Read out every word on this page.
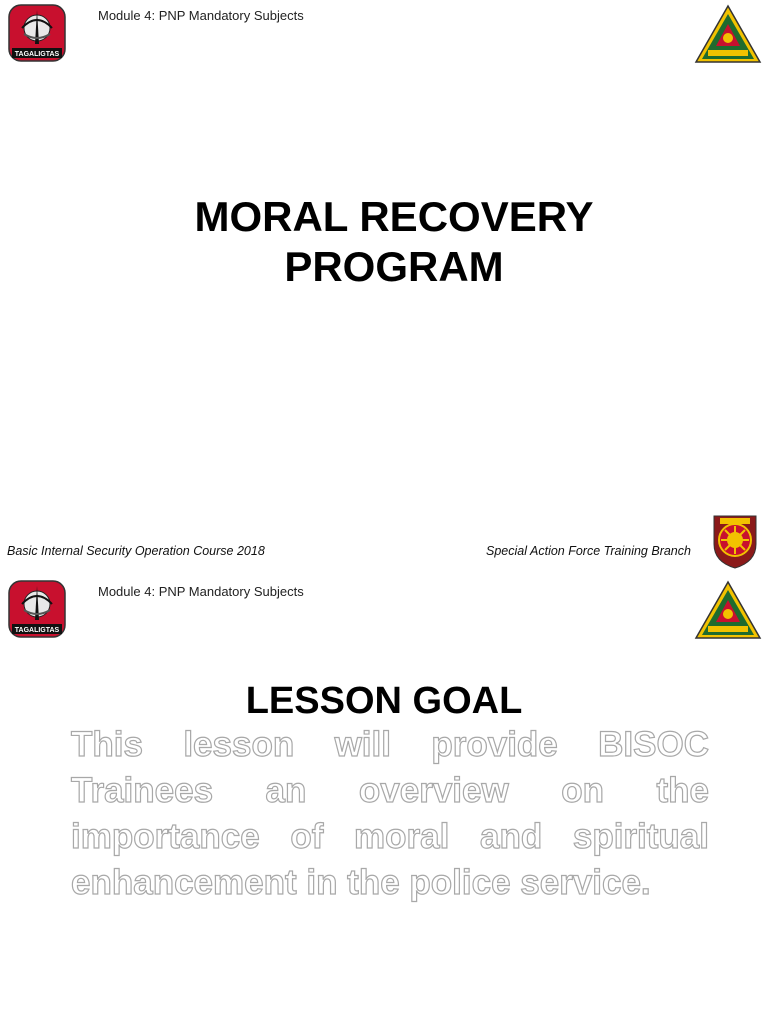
TAGALIGTAS
Module 4: PNP Mandatory Subjects
MORAL RECOVERY
PROGRAM
Basic Internal Security Operation Course 2018	Special Action Force Training Branch
TAGALIGTAS
Module 4: PNP Mandatory Subjects
LESSON GOAL
This lesson will provide BISOC Trainees an overview on the importance of moral and spiritual enhancement in the police service.
